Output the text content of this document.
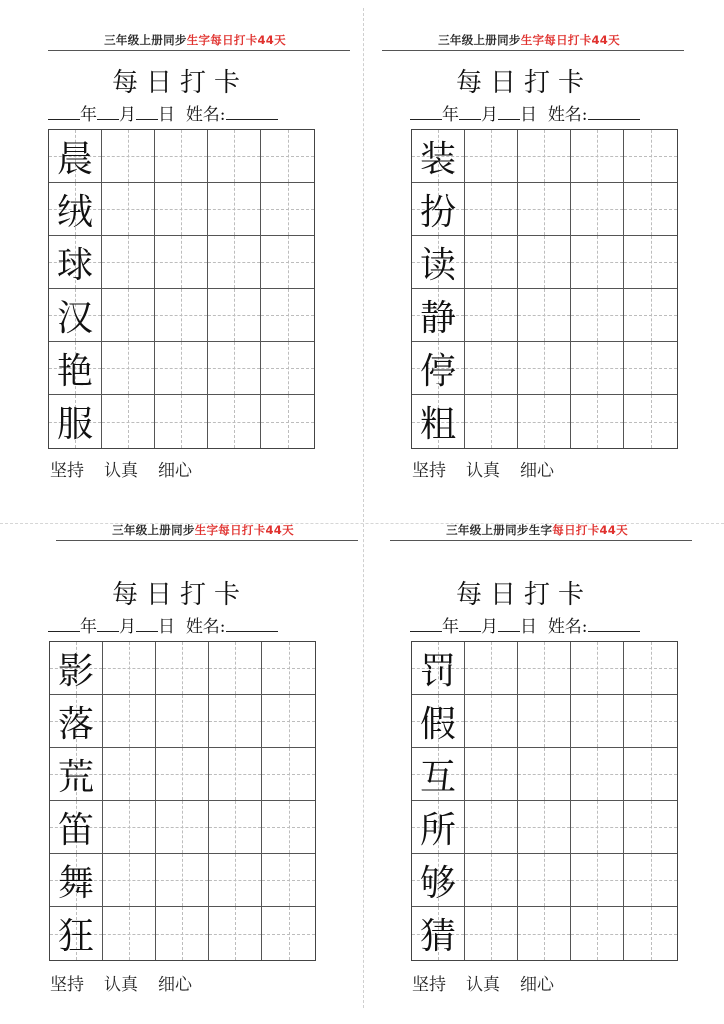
三年级上册同步生字每日打卡44天
每日打卡
年 月 日 姓名:
晨
绒
球
汉
艳
服
坚持 认真 细心
三年级上册同步生字每日打卡44天
每日打卡
年 月 日 姓名:
装
扮
读
静
停
粗
坚持 认真 细心
三年级上册同步生字每日打卡44天
每日打卡
年 月 日 姓名:
影
落
荒
笛
舞
狂
坚持 认真 细心
三年级上册同步生字每日打卡44天
每日打卡
年 月 日 姓名:
罚
假
互
所
够
猜
坚持 认真 细心
